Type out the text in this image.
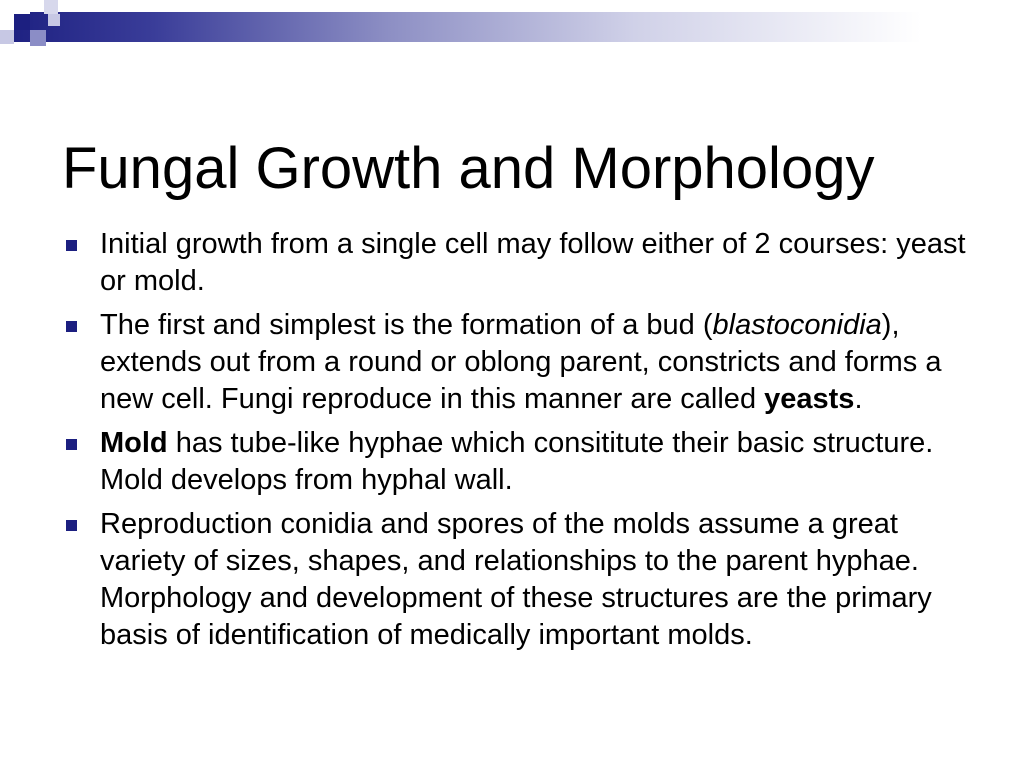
Fungal Growth and Morphology
Initial growth from a single cell may follow either of 2 courses: yeast or mold.
The first and simplest is the formation of a bud (blastoconidia), extends out from a round or oblong parent, constricts and forms a new cell. Fungi reproduce in this manner are called yeasts.
Mold has tube-like hyphae which consititute their basic structure. Mold develops from hyphal wall.
Reproduction conidia and spores of the molds assume a great variety of sizes, shapes, and relationships to the parent hyphae. Morphology and development of these structures are the primary basis of identification of medically important molds.
